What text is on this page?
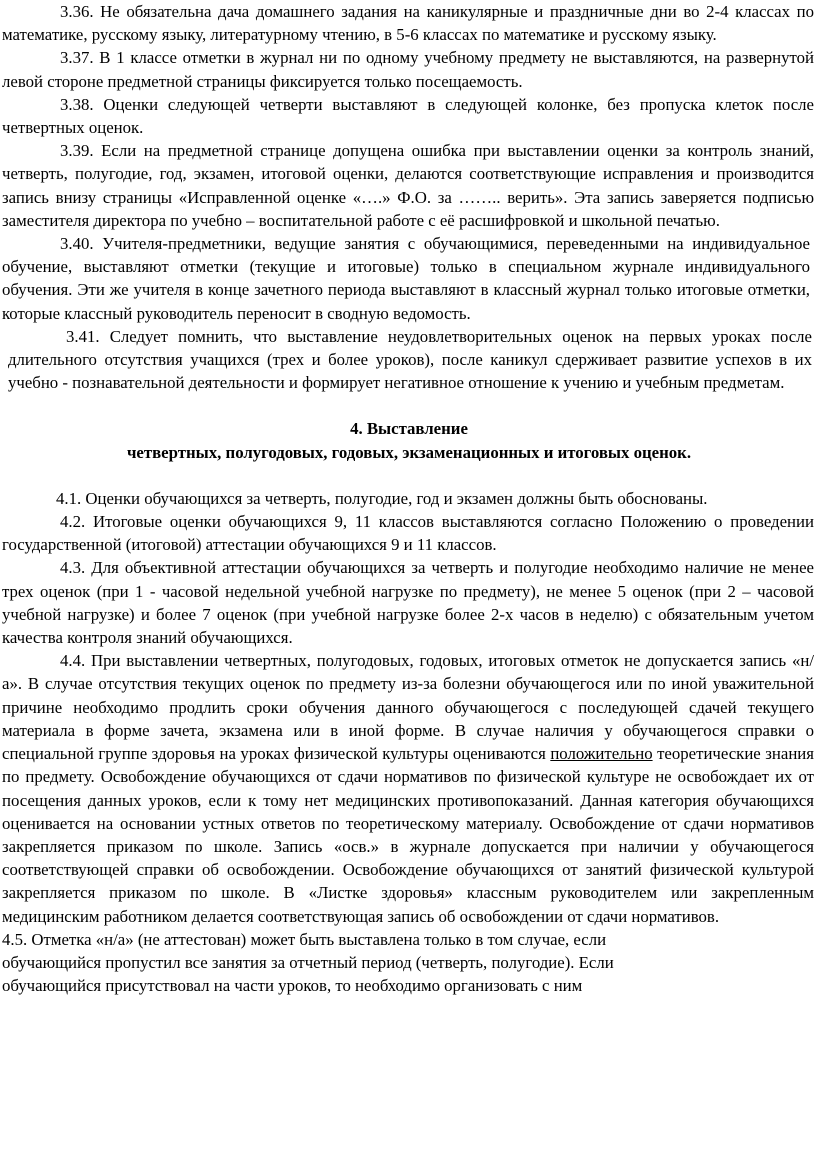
3.36. Не обязательна дача домашнего задания на каникулярные и праздничные дни во 2-4 классах по математике, русскому языку, литературному чтению, в 5-6 классах по математике и русскому языку.

3.37. В 1 классе отметки в журнал ни по одному учебному предмету не выставляются, на развернутой левой стороне предметной страницы фиксируется только посещаемость.

3.38. Оценки следующей четверти выставляют в следующей колонке, без пропуска клеток после четвертных оценок.

3.39. Если на предметной странице допущена ошибка при выставлении оценки за контроль знаний, четверть, полугодие, год, экзамен, итоговой оценки, делаются соответствующие исправления и производится запись внизу страницы «Исправленной оценке «….» Ф.О. за …….. верить». Эта запись заверяется подписью заместителя директора по учебно – воспитательной работе с её расшифровкой и школьной печатью.

3.40. Учителя-предметники, ведущие занятия с обучающимися, переведенными на индивидуальное обучение, выставляют отметки (текущие и итоговые) только в специальном журнале индивидуального обучения. Эти же учителя в конце зачетного периода выставляют в классный журнал только итоговые отметки, которые классный руководитель переносит в сводную ведомость.

3.41. Следует помнить, что выставление неудовлетворительных оценок на первых уроках после длительного отсутствия учащихся (трех и более уроков), после каникул сдерживает развитие успехов в их учебно - познавательной деятельности и формирует негативное отношение к учению и учебным предметам.

4. Выставление

четвертных, полугодовых, годовых, экзаменационных и итоговых оценок.

4.1. Оценки обучающихся за четверть, полугодие, год и экзамен должны быть обоснованы.

4.2. Итоговые оценки обучающихся 9, 11 классов выставляются согласно Положению о проведении государственной (итоговой) аттестации обучающихся 9 и 11 классов.

4.3. Для объективной аттестации обучающихся за четверть и полугодие необходимо наличие не менее трех оценок (при 1 - часовой недельной учебной нагрузке по предмету), не менее 5 оценок (при 2 – часовой учебной нагрузке) и более 7 оценок (при учебной нагрузке более 2-х часов в неделю) с обязательным учетом качества контроля знаний обучающихся.

4.4. При выставлении четвертных, полугодовых, годовых, итоговых отметок не допускается запись «н/а». В случае отсутствия текущих оценок по предмету из-за болезни обучающегося или по иной уважительной причине необходимо продлить сроки обучения данного обучающегося с последующей сдачей текущего материала в форме зачета, экзамена или в иной форме. В случае наличия у обучающегося справки о специальной группе здоровья на уроках физической культуры оцениваются положительно теоретические знания по предмету. Освобождение обучающихся от сдачи нормативов по физической культуре не освобождает их от посещения данных уроков, если к тому нет медицинских противопоказаний. Данная категория обучающихся оценивается на основании устных ответов по теоретическому материалу. Освобождение от сдачи нормативов закрепляется приказом по школе. Запись «осв.» в журнале допускается при наличии у обучающегося соответствующей справки об освобождении. Освобождение обучающихся от занятий физической культурой закрепляется приказом по школе. В «Листке здоровья» классным руководителем или закрепленным медицинским работником делается соответствующая запись об освобождении от сдачи нормативов.

4.5. Отметка «н/а» (не аттестован) может быть выставлена только в том случае, если

обучающийся пропустил все занятия за отчетный период (четверть, полугодие). Если

обучающийся присутствовал на части уроков, то необходимо организовать с ним
